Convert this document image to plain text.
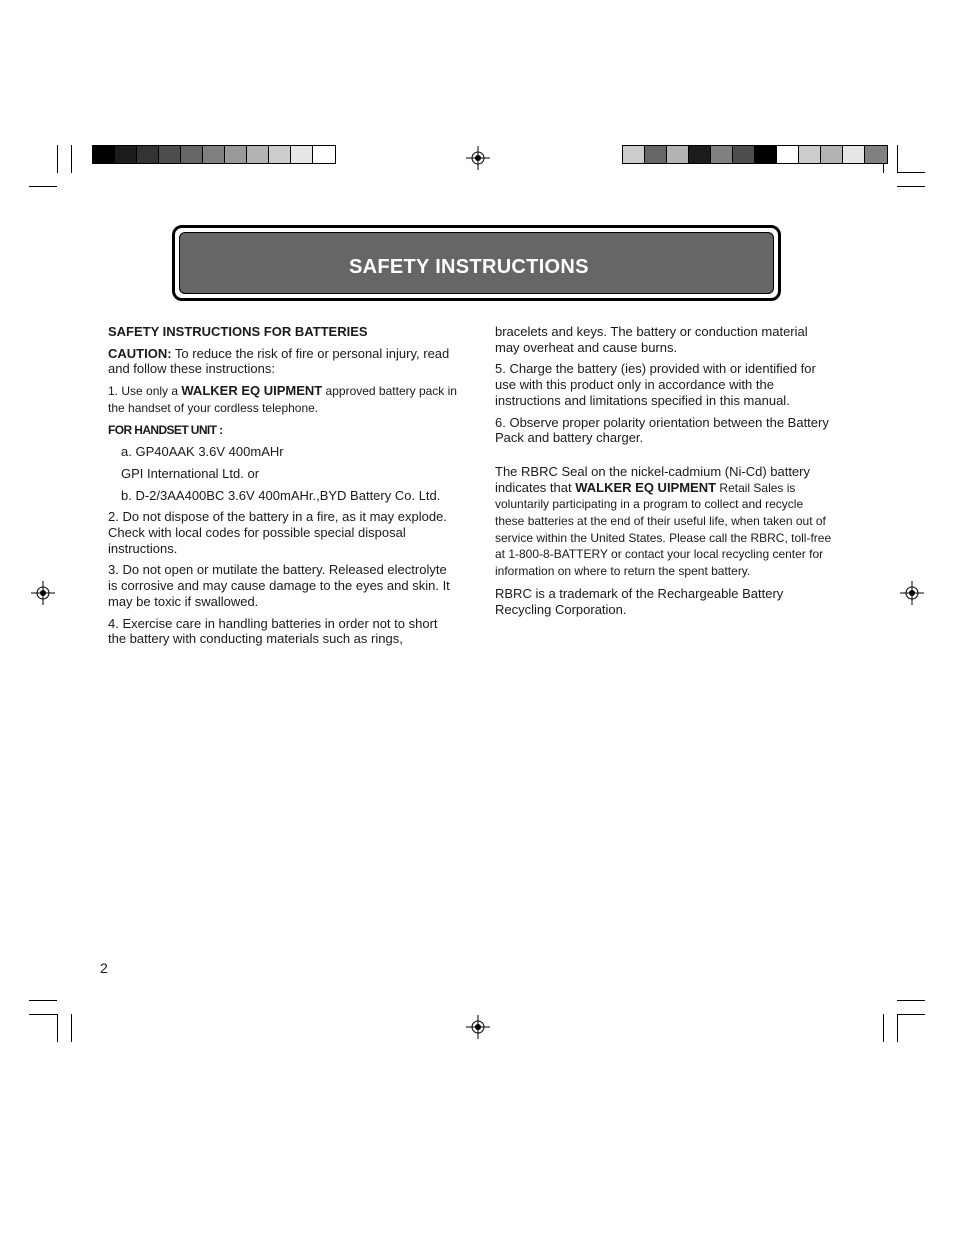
SAFETY INSTRUCTIONS

SAFETY INSTRUCTIONS FOR BATTERIES

CAUTION: To reduce the risk of fire or personal injury, read and follow these instructions:

1. Use only a WALKER EQ UIPMENT approved battery pack in the handset of your cordless telephone.

FOR HANDSET UNIT :

a. GP40AAK 3.6V 400mAHr

GPI International Ltd. or

b. D-2/3AA400BC 3.6V 400mAHr.,BYD Battery Co. Ltd.

2. Do not dispose of the battery in a fire, as it may explode. Check with local codes for possible special disposal instructions.

3. Do not open or mutilate the battery. Released electrolyte is corrosive and may cause damage to the eyes and skin. It may be toxic if swallowed.

4. Exercise care in handling batteries in order not to short the battery with conducting materials such as rings,

bracelets and keys. The battery or conduction material may overheat and cause burns.

5. Charge the battery (ies) provided with or identified for use with this product only in accordance with the instructions and limitations specified in this manual.

6. Observe proper polarity orientation between the Battery Pack and battery charger.

The RBRC Seal on the nickel-cadmium (Ni-Cd) battery indicates that WALKER EQ UIPMENT Retail Sales is voluntarily participating in a program to collect and recycle these batteries at the end of their useful life, when taken out of service within the United States. Please call the RBRC, toll-free at 1-800-8-BATTERY or contact your local recycling center for information on where to return the spent battery.

RBRC is a trademark of the Rechargeable Battery Recycling Corporation.

2
